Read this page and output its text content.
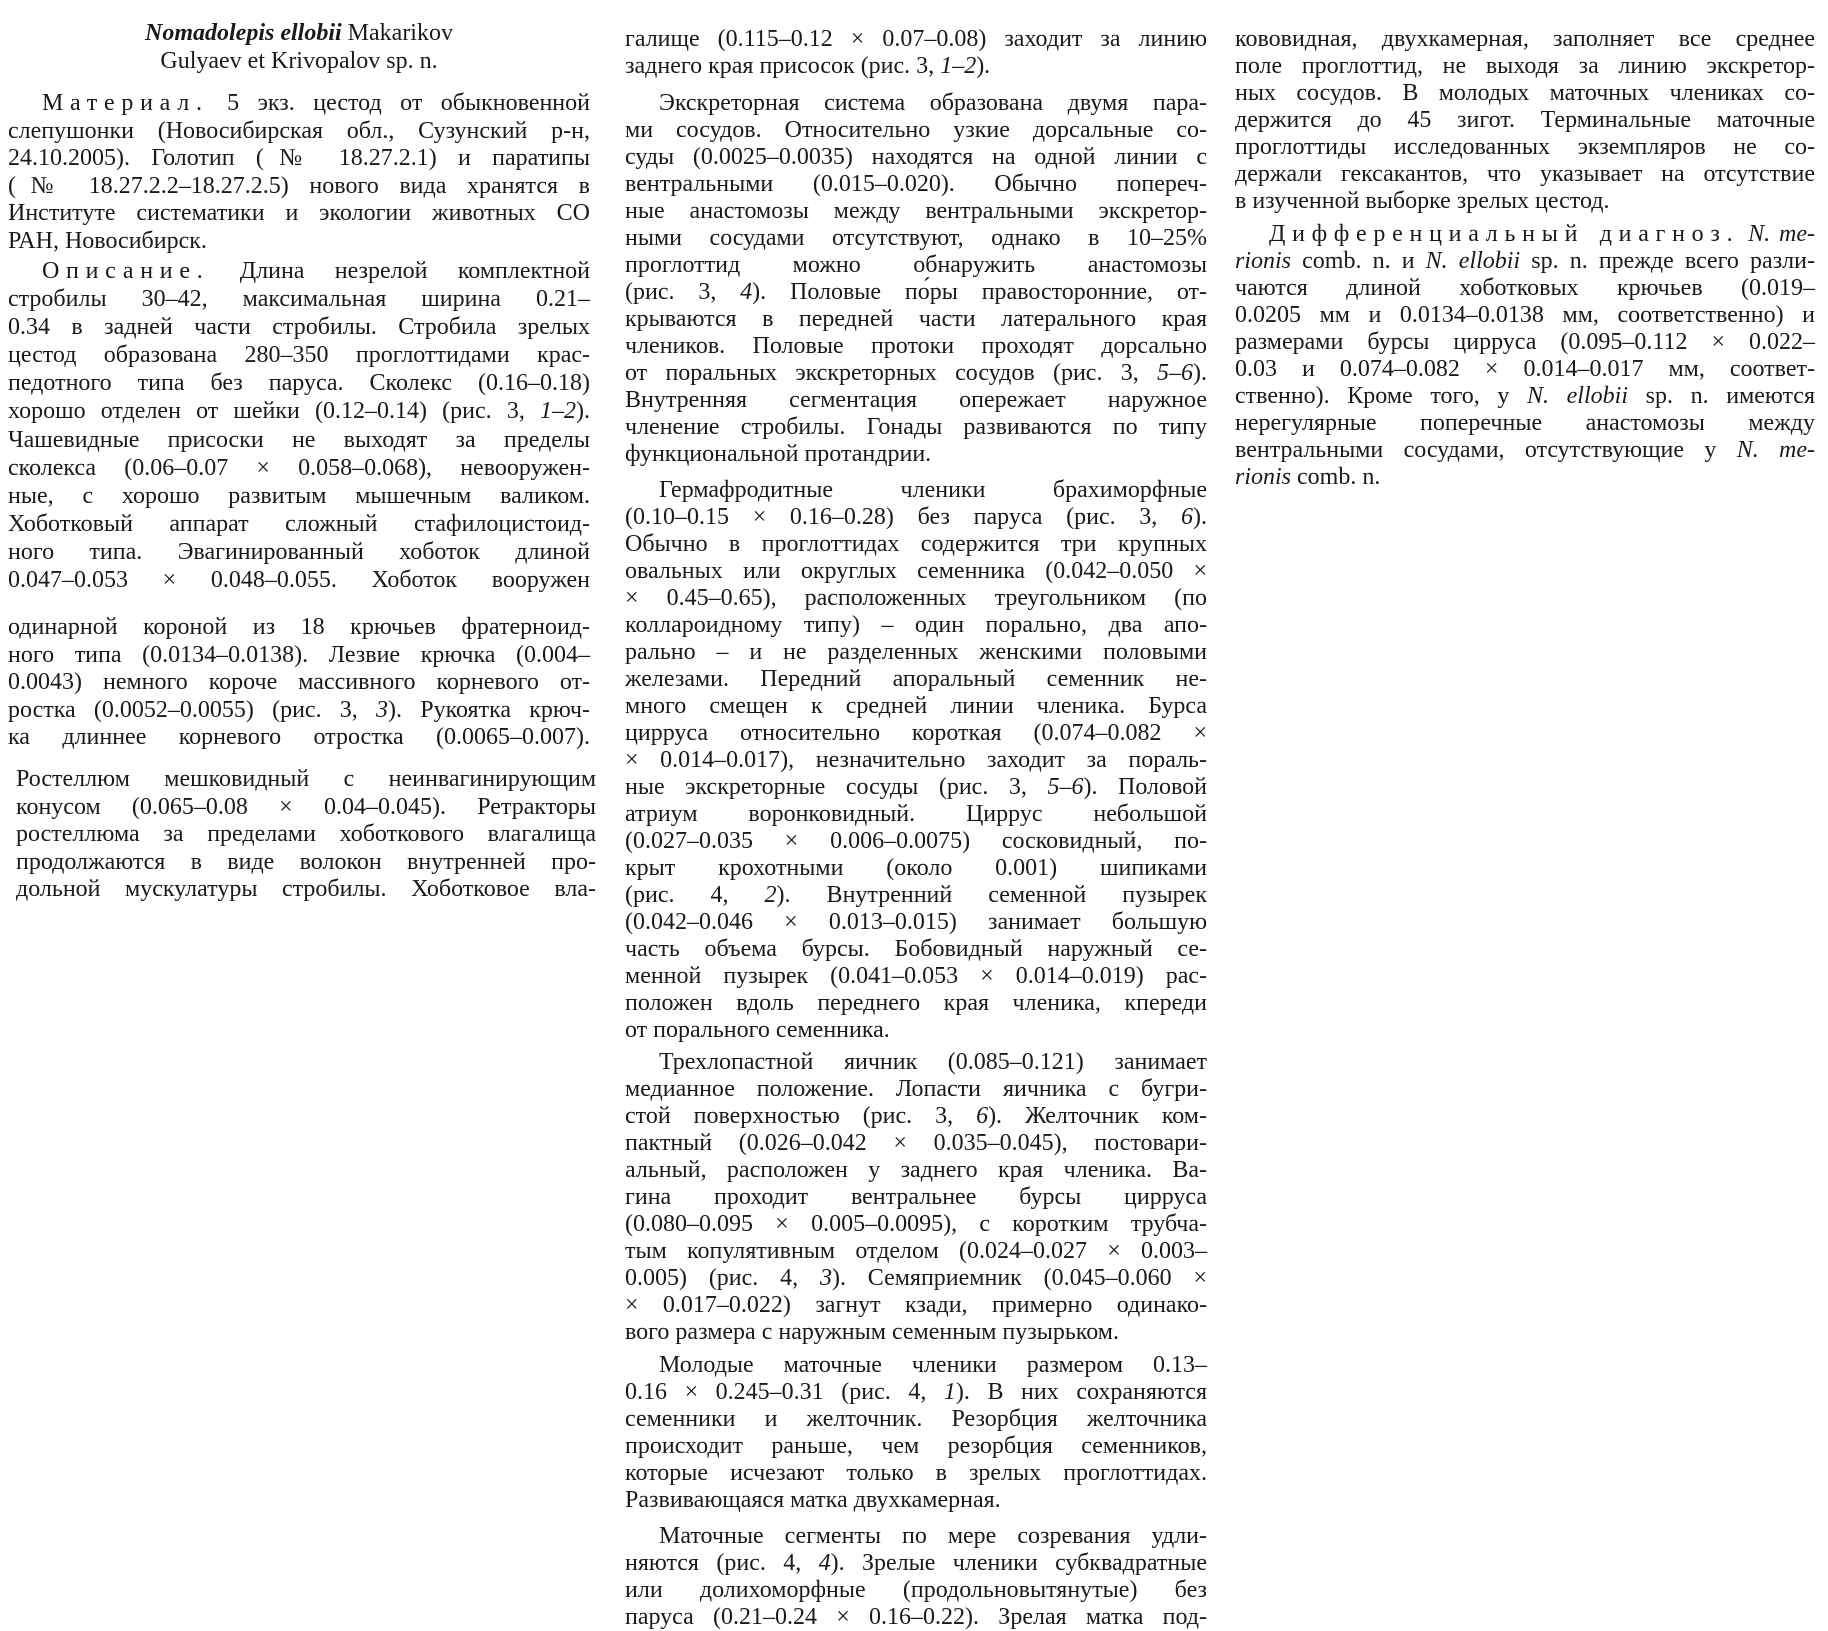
Nomadolepis ellobii Makarikov
Gulyaev et Krivopalov sp. n.
Материал. 5 экз. цестод от обыкновенной
слепушонки (Новосибирская обл., Сузунский р-н,
24.10.2005). Голотип (№ 18.27.2.1) и паратипы
(№ 18.27.2.2–18.27.2.5) нового вида хранятся в
Институте систематики и экологии животных СО
РАН, Новосибирск.
Описание. Длина незрелой комплектной
стробилы 30–42, максимальная ширина 0.21–
0.34 в задней части стробилы. Стробила зрелых
цестод образована 280–350 проглоттидами крас-
педотного типа без паруса. Сколекс (0.16–0.18)
хорошо отделен от шейки (0.12–0.14) (рис. 3, 1–2).
Чашевидные присоски не выходят за пределы
сколекса (0.06–0.07 × 0.058–0.068), невооружен-
ные, с хорошо развитым мышечным валиком.
Хоботковый аппарат сложный стафилоцистоид-
ного типа. Эвагинированный хоботок длиной
0.047–0.053 × 0.048–0.055. Хоботок вооружен
одинарной короной из 18 крючьев фратерноид-
ного типа (0.0134–0.0138). Лезвие крючка (0.004–
0.0043) немного короче массивного корневого от-
ростка (0.0052–0.0055) (рис. 3, 3). Рукоятка крюч-
ка длиннее корневого отростка (0.0065–0.007).
Ростеллюм мешковидный с неинвагинирующим
конусом (0.065–0.08 × 0.04–0.045). Ретракторы
ростеллюма за пределами хоботкового влагалища
продолжаются в виде волокон внутренней про-
дольной мускулатуры стробилы. Хоботковое вла-
галище (0.115–0.12 × 0.07–0.08) заходит за линию
заднего края присосок (рис. 3, 1–2).
Экскреторная система образована двумя пара-
ми сосудов. Относительно узкие дорсальные со-
суды (0.0025–0.0035) находятся на одной линии с
вентральными (0.015–0.020). Обычно попереч-
ные анастомозы между вентральными экскретор-
ными сосудами отсутствуют, однако в 10–25%
проглоттид можно обнаружить анастомозы
(рис. 3, 4). Половые по́ры правосторонние, от-
крываются в передней части латерального края
члеников. Половые протоки проходят дорсально
от поральных экскреторных сосудов (рис. 3, 5–6).
Внутренняя сегментация опережает наружное
членение стробилы. Гонады развиваются по типу
функциональной протандрии.
Гермафродитные членики брахиморфные
(0.10–0.15 × 0.16–0.28) без паруса (рис. 3, 6).
Обычно в проглоттидах содержится три крупных
овальных или округлых семенника (0.042–0.050 ×
× 0.45–0.65), расположенных треугольником (по
коллароидному типу) – один порально, два апо-
рально – и не разделенных женскими половыми
железами. Передний апоральный семенник не-
много смещен к средней линии членика. Бурса
цирруса относительно короткая (0.074–0.082 ×
× 0.014–0.017), незначительно заходит за пораль-
ные экскреторные сосуды (рис. 3, 5–6). Половой
атриум воронковидный. Циррус небольшой
(0.027–0.035 × 0.006–0.0075) сосковидный, по-
крыт крохотными (около 0.001) шипиками
(рис. 4, 2). Внутренний семенной пузырек
(0.042–0.046 × 0.013–0.015) занимает большую
часть объема бурсы. Бобовидный наружный се-
менной пузырек (0.041–0.053 × 0.014–0.019) рас-
положен вдоль переднего края членика, кпереди
от порального семенника.
Трехлопастной яичник (0.085–0.121) занимает
медианное положение. Лопасти яичника с бугри-
стой поверхностью (рис. 3, 6). Желточник ком-
пактный (0.026–0.042 × 0.035–0.045), постовари-
альный, расположен у заднего края членика. Ва-
гина проходит вентральнее бурсы цирруса
(0.080–0.095 × 0.005–0.0095), с коротким трубча-
тым копулятивным отделом (0.024–0.027 × 0.003–
0.005) (рис. 4, 3). Семяприемник (0.045–0.060 ×
× 0.017–0.022) загнут кзади, примерно одинако-
вого размера с наружным семенным пузырьком.
Молодые маточные членики размером 0.13–
0.16 × 0.245–0.31 (рис. 4, 1). В них сохраняются
семенники и желточник. Резорбция желточника
происходит раньше, чем резорбция семенников,
которые исчезают только в зрелых проглоттидах.
Развивающаяся матка двухкамерная.
Маточные сегменты по мере созревания удли-
няются (рис. 4, 4). Зрелые членики субквадратные
или долихоморфные (продольновытянутые) без
паруса (0.21–0.24 × 0.16–0.22). Зрелая матка под-
кововидная, двухкамерная, заполняет все среднее
поле проглоттид, не выходя за линию экскретор-
ных сосудов. В молодых маточных члениках со-
держится до 45 зигот. Терминальные маточные
проглоттиды исследованных экземпляров не со-
держали гексакантов, что указывает на отсутствие
в изученной выборке зрелых цестод.
Дифференциальный диагноз. N. me-
rionis comb. n. и N. ellobii sp. n. прежде всего разли-
чаются длиной хоботковых крючьев (0.019–
0.0205 мм и 0.0134–0.0138 мм, соответственно) и
размерами бурсы цирруса (0.095–0.112 × 0.022–
0.03 и 0.074–0.082 × 0.014–0.017 мм, соответ-
ственно). Кроме того, у N. ellobii sp. n. имеются
нерегулярные поперечные анастомозы между
вентральными сосудами, отсутствующие у N. me-
rionis comb. n.
